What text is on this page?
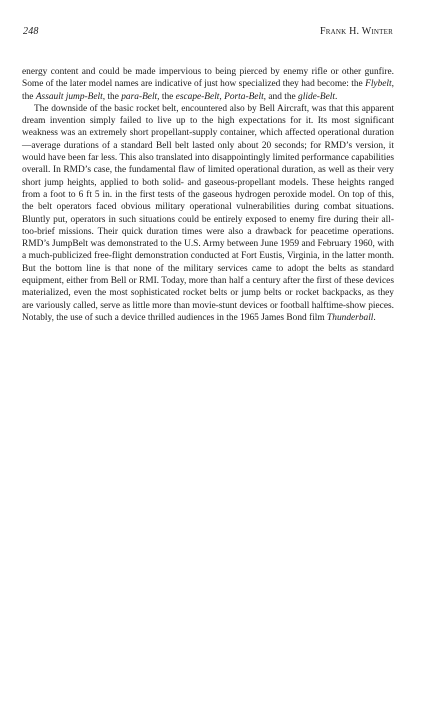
248	Frank H. Winter

energy content and could be made impervious to being pierced by enemy rifle or other gunfire. Some of the later model names are indicative of just how specialized they had become: the Flybelt, the Assault jump-Belt, the para-Belt, the escape-Belt, Porta-Belt, and the glide-Belt.

The downside of the basic rocket belt, encountered also by Bell Aircraft, was that this apparent dream invention simply failed to live up to the high expectations for it. Its most significant weakness was an extremely short propellant-supply container, which affected operational duration—average durations of a standard Bell belt lasted only about 20 seconds; for RMD’s version, it would have been far less. This also translated into disappointingly limited performance capabilities overall. In RMD’s case, the fundamental flaw of limited operational duration, as well as their very short jump heights, applied to both solid- and gaseous-propellant models. These heights ranged from a foot to 6 ft 5 in. in the first tests of the gaseous hydrogen peroxide model. On top of this, the belt operators faced obvious military operational vulnerabilities during combat situations. Bluntly put, operators in such situations could be entirely exposed to enemy fire during their all-too-brief missions. Their quick duration times were also a drawback for peacetime operations. RMD’s JumpBelt was demonstrated to the U.S. Army between June 1959 and February 1960, with a much-publicized free-flight demonstration conducted at Fort Eustis, Virginia, in the latter month. But the bottom line is that none of the military services came to adopt the belts as standard equipment, either from Bell or RMI. Today, more than half a century after the first of these devices materialized, even the most sophisticated rocket belts or jump belts or rocket backpacks, as they are variously called, serve as little more than movie-stunt devices or football halftime-show pieces. Notably, the use of such a device thrilled audiences in the 1965 James Bond film Thunderball.
